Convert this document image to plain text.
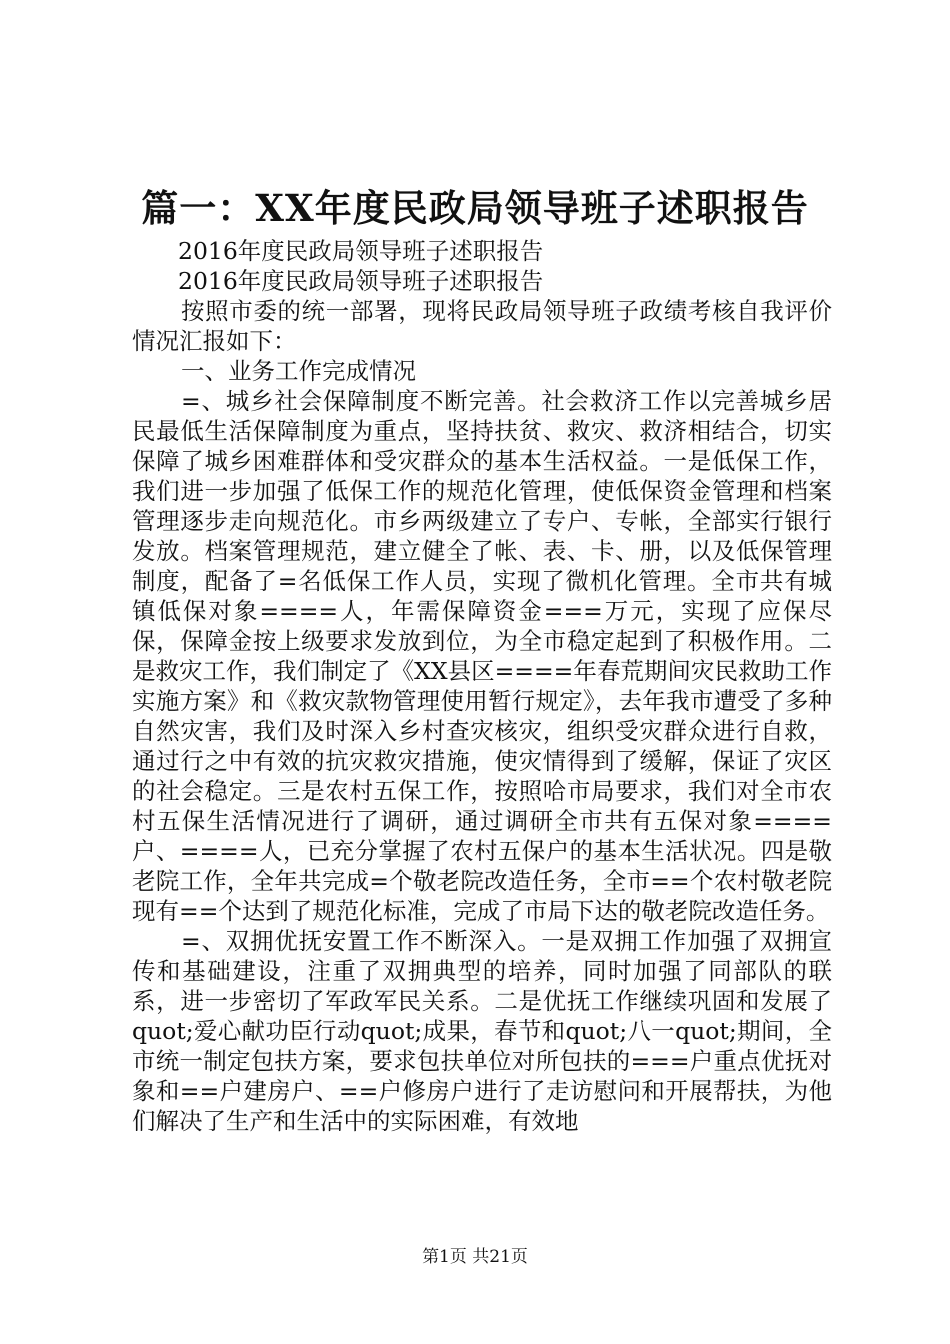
篇一：XX年度民政局领导班子述职报告

2016年度民政局领导班子述职报告

2016年度民政局领导班子述职报告

按照市委的统一部署，现将民政局领导班子政绩考核自我评价情况汇报如下：

一、业务工作完成情况

=、城乡社会保障制度不断完善。社会救济工作以完善城乡居民最低生活保障制度为重点，坚持扶贫、救灾、救济相结合，切实保障了城乡困难群体和受灾群众的基本生活权益。一是低保工作，我们进一步加强了低保工作的规范化管理，使低保资金管理和档案管理逐步走向规范化。市乡两级建立了专户、专帐，全部实行银行发放。档案管理规范，建立健全了帐、表、卡、册，以及低保管理制度，配备了=名低保工作人员，实现了微机化管理。全市共有城镇低保对象====人，年需保障资金===万元，实现了应保尽保，保障金按上级要求发放到位，为全市稳定起到了积极作用。二是救灾工作，我们制定了《XX县区====年春荒期间灾民救助工作实施方案》和《救灾款物管理使用暂行规定》，去年我市遭受了多种自然灾害，我们及时深入乡村查灾核灾，组织受灾群众进行自救，通过行之中有效的抗灾救灾措施，使灾情得到了缓解，保证了灾区的社会稳定。三是农村五保工作，按照哈市局要求，我们对全市农村五保生活情况进行了调研，通过调研全市共有五保对象====户、====人，已充分掌握了农村五保户的基本生活状况。四是敬老院工作，全年共完成=个敬老院改造任务，全市==个农村敬老院现有==个达到了规范化标准，完成了市局下达的敬老院改造任务。

=、双拥优抚安置工作不断深入。一是双拥工作加强了双拥宣传和基础建设，注重了双拥典型的培养，同时加强了同部队的联系，进一步密切了军政军民关系。二是优抚工作继续巩固和发展了quot;爱心献功臣行动quot;成果，春节和quot;八一quot;期间，全市统一制定包扶方案，要求包扶单位对所包扶的===户重点优抚对象和==户建房户、==户修房户进行了走访慰问和开展帮扶，为他们解决了生产和生活中的实际困难，有效地

第1页 共21页
